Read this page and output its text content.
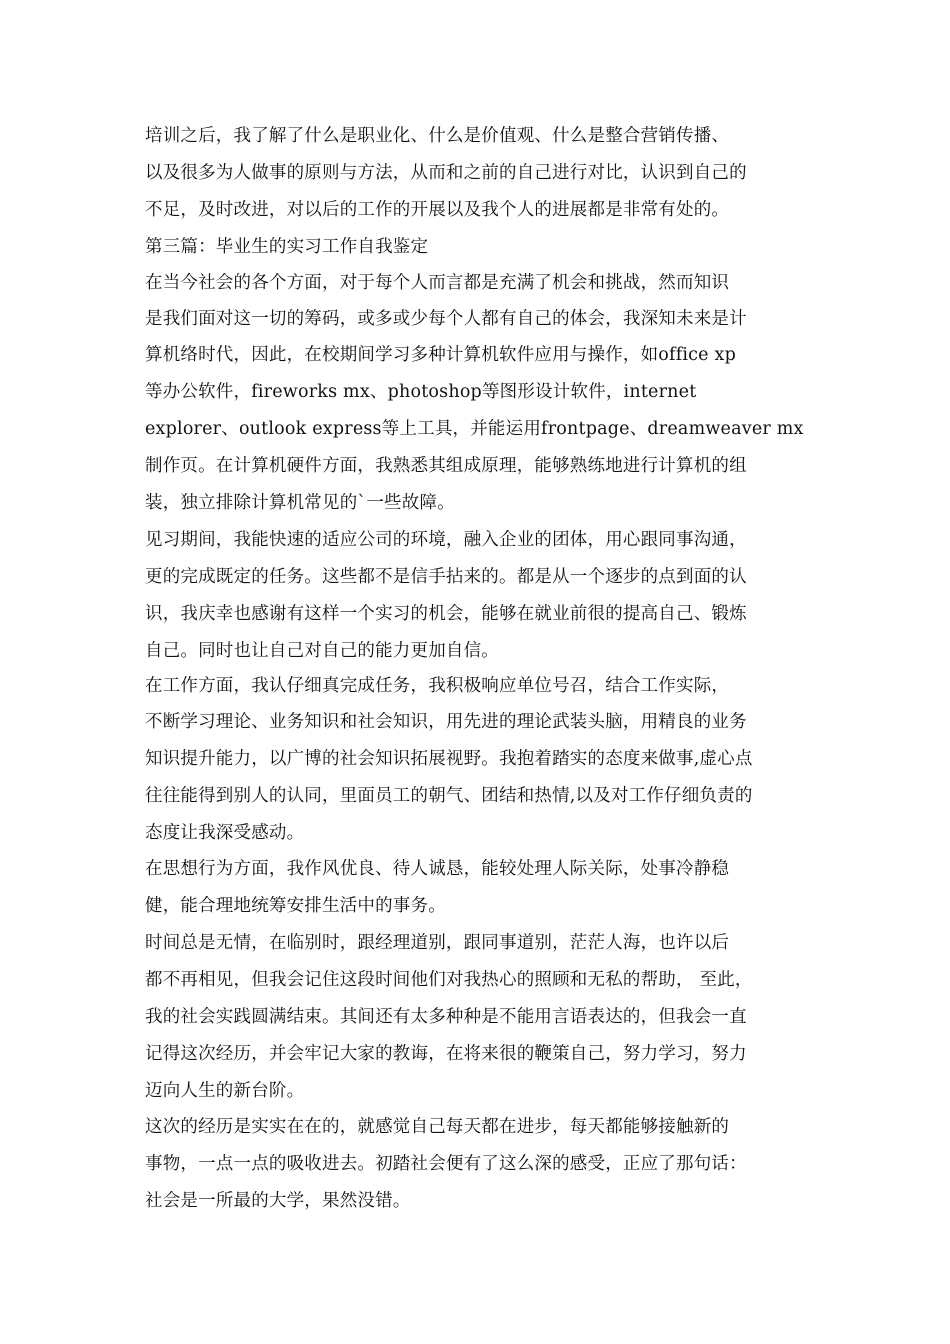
培训之后，我了解了什么是职业化、什么是价值观、什么是整合营销传播、
以及很多为人做事的原则与方法，从而和之前的自己进行对比，认识到自己的
不足，及时改进，对以后的工作的开展以及我个人的进展都是非常有处的。
第三篇：毕业生的实习工作自我鉴定
在当今社会的各个方面，对于每个人而言都是充满了机会和挑战，然而知识
是我们面对这一切的筹码，或多或少每个人都有自己的体会，我深知未来是计
算机络时代，因此，在校期间学习多种计算机软件应用与操作，如office xp
等办公软件，fireworks mx、photoshop等图形设计软件，internet
explorer、outlook express等上工具，并能运用frontpage、dreamweaver mx
制作页。在计算机硬件方面，我熟悉其组成原理，能够熟练地进行计算机的组
装，独立排除计算机常见的`一些故障。
见习期间，我能快速的适应公司的环境，融入企业的团体，用心跟同事沟通，
更的完成既定的任务。这些都不是信手拈来的。都是从一个逐步的点到面的认
识，我庆幸也感谢有这样一个实习的机会，能够在就业前很的提高自己、锻炼
自己。同时也让自己对自己的能力更加自信。
在工作方面，我认仔细真完成任务，我积极响应单位号召，结合工作实际，
不断学习理论、业务知识和社会知识，用先进的理论武装头脑，用精良的业务
知识提升能力，以广博的社会知识拓展视野。我抱着踏实的态度来做事,虚心点
往往能得到别人的认同，里面员工的朝气、团结和热情,以及对工作仔细负责的
态度让我深受感动。
在思想行为方面，我作风优良、待人诚恳，能较处理人际关际，处事冷静稳
健，能合理地统筹安排生活中的事务。
时间总是无情，在临别时，跟经理道别，跟同事道别，茫茫人海，也许以后
都不再相见，但我会记住这段时间他们对我热心的照顾和无私的帮助， 至此，
我的社会实践圆满结束。其间还有太多种种是不能用言语表达的，但我会一直
记得这次经历，并会牢记大家的教诲，在将来很的鞭策自己，努力学习，努力
迈向人生的新台阶。
这次的经历是实实在在的，就感觉自己每天都在进步，每天都能够接触新的
事物，一点一点的吸收进去。初踏社会便有了这么深的感受，正应了那句话：
社会是一所最的大学，果然没错。
